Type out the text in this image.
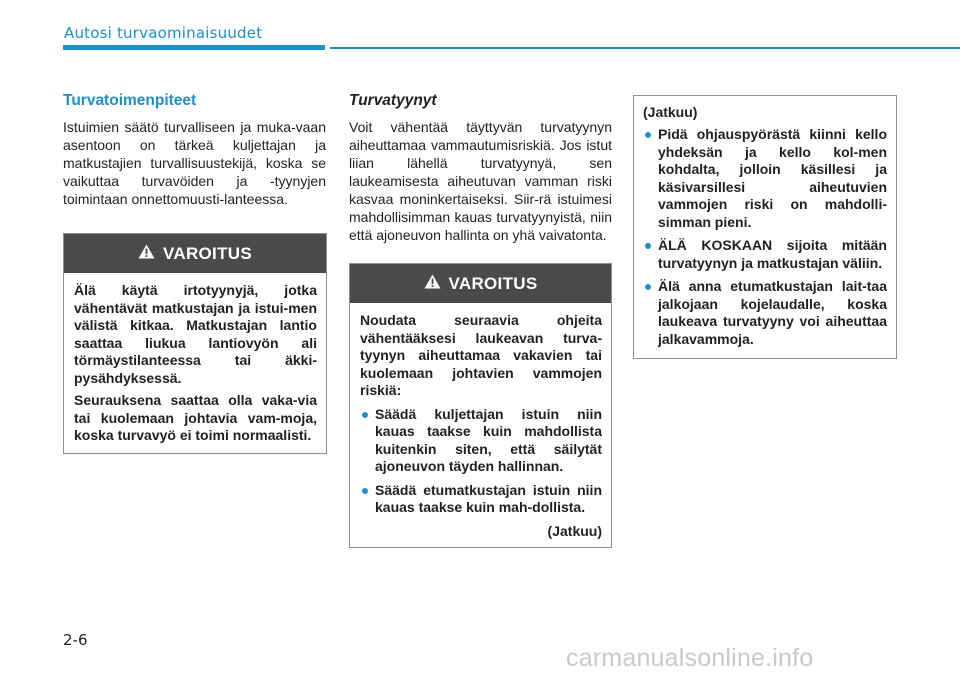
Autosi turvaominaisuudet
Turvatoimenpiteet

Istuimien säätö turvalliseen ja muka-vaan asentoon on tärkeä kuljettajan ja matkustajien turvallisuustekijä, koska se vaikuttaa turvavöiden ja -tyynyjen toimintaan onnettomuusti-lanteessa.

VAROITUS

Älä käytä irtotyynyjä, jotka vähentävät matkustajan ja istui-men välistä kitkaa. Matkustajan lantio saattaa liukua lantiovyön ali törmäystilanteessa tai äkki-pysähdyksessä.

Seurauksena saattaa olla vaka-via tai kuolemaan johtavia vam-moja, koska turvavyö ei toimi normaalisti.

Turvatyynyt

Voit vähentää täyttyvän turvatyynyn aiheuttamaa vammautumisriskiä. Jos istut liian lähellä turvatyynyä, sen laukeamisesta aiheutuvan vamman riski kasvaa moninkertaiseksi. Siir-rä istuimesi mahdollisimman kauas turvatyynyistä, niin että ajoneuvon hallinta on yhä vaivatonta.

VAROITUS

Noudata seuraavia ohjeita vähentääksesi laukeavan turva-tyynyn aiheuttamaa vakavien tai kuolemaan johtavien vammojen riskiä:

Säädä kuljettajan istuin niin kauas taakse kuin mahdollista kuitenkin siten, että säilytät ajoneuvon täyden hallinnan.
Säädä etumatkustajan istuin niin kauas taakse kuin mah-dollista.

(Jatkuu)

(Jatkuu)

Pidä ohjauspyörästä kiinni kello yhdeksän ja kello kol-men kohdalta, jolloin käsillesi ja käsivarsillesi aiheutuvien vammojen riski on mahdolli-simman pieni.
ÄLÄ KOSKAAN sijoita mitään turvatyynyn ja matkustajan väliin.
Älä anna etumatkustajan lait-taa jalkojaan kojelaudalle, koska laukeava turvatyyny voi aiheuttaa jalkavammoja.
2-6
carmanualsonline.info
